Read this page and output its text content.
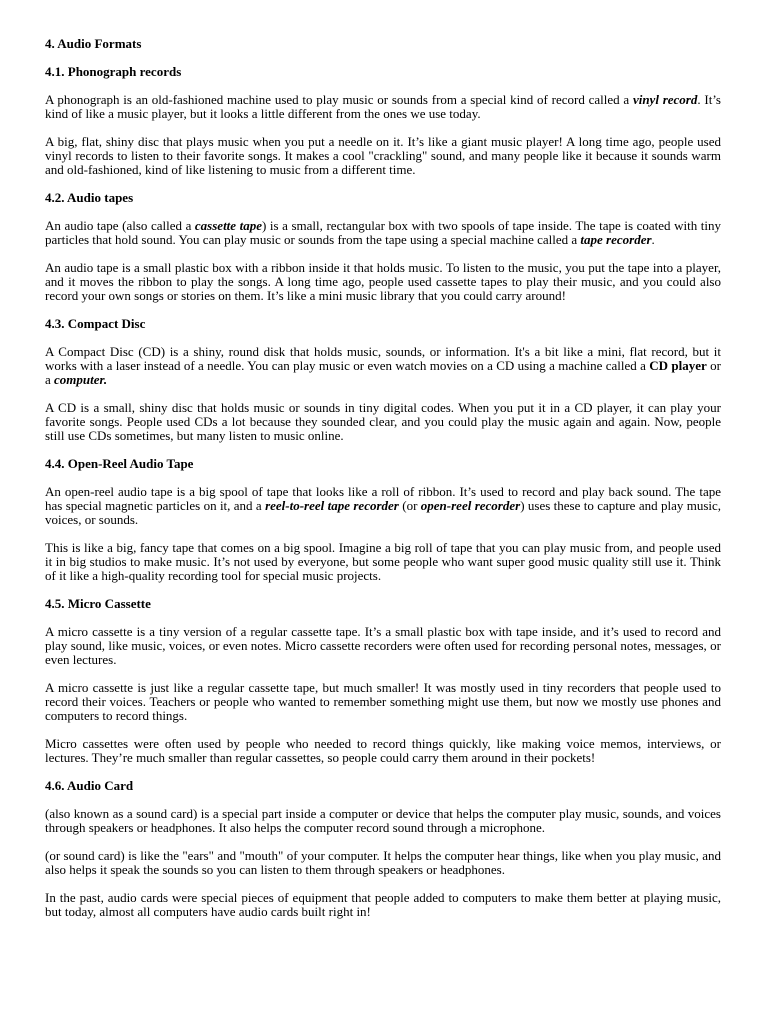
4. Audio Formats
4.1. Phonograph records

A phonograph is an old-fashioned machine used to play music or sounds from a special kind of record called a vinyl record. It’s kind of like a music player, but it looks a little different from the ones we use today.

A big, flat, shiny disc that plays music when you put a needle on it. It’s like a giant music player! A long time ago, people used vinyl records to listen to their favorite songs. It makes a cool "crackling" sound, and many people like it because it sounds warm and old-fashioned, kind of like listening to music from a different time.

4.2. Audio tapes

An audio tape (also called a cassette tape) is a small, rectangular box with two spools of tape inside. The tape is coated with tiny particles that hold sound. You can play music or sounds from the tape using a special machine called a tape recorder.

An audio tape is a small plastic box with a ribbon inside it that holds music. To listen to the music, you put the tape into a player, and it moves the ribbon to play the songs. A long time ago, people used cassette tapes to play their music, and you could also record your own songs or stories on them. It’s like a mini music library that you could carry around!

4.3. Compact Disc

A Compact Disc (CD) is a shiny, round disk that holds music, sounds, or information. It's a bit like a mini, flat record, but it works with a laser instead of a needle. You can play music or even watch movies on a CD using a machine called a CD player or a computer.

A CD is a small, shiny disc that holds music or sounds in tiny digital codes. When you put it in a CD player, it can play your favorite songs. People used CDs a lot because they sounded clear, and you could play the music again and again. Now, people still use CDs sometimes, but many listen to music online.

4.4. Open-Reel Audio Tape

An open-reel audio tape is a big spool of tape that looks like a roll of ribbon. It’s used to record and play back sound. The tape has special magnetic particles on it, and a reel-to-reel tape recorder (or open-reel recorder) uses these to capture and play music, voices, or sounds.

This is like a big, fancy tape that comes on a big spool. Imagine a big roll of tape that you can play music from, and people used it in big studios to make music. It’s not used by everyone, but some people who want super good music quality still use it. Think of it like a high-quality recording tool for special music projects.

4.5. Micro Cassette

A micro cassette is a tiny version of a regular cassette tape. It’s a small plastic box with tape inside, and it’s used to record and play sound, like music, voices, or even notes. Micro cassette recorders were often used for recording personal notes, messages, or even lectures.

A micro cassette is just like a regular cassette tape, but much smaller! It was mostly used in tiny recorders that people used to record their voices. Teachers or people who wanted to remember something might use them, but now we mostly use phones and computers to record things.

Micro cassettes were often used by people who needed to record things quickly, like making voice memos, interviews, or lectures. They’re much smaller than regular cassettes, so people could carry them around in their pockets!

4.6. Audio Card

(also known as a sound card) is a special part inside a computer or device that helps the computer play music, sounds, and voices through speakers or headphones. It also helps the computer record sound through a microphone.

(or sound card) is like the "ears" and "mouth" of your computer. It helps the computer hear things, like when you play music, and also helps it speak the sounds so you can listen to them through speakers or headphones.

In the past, audio cards were special pieces of equipment that people added to computers to make them better at playing music, but today, almost all computers have audio cards built right in!
